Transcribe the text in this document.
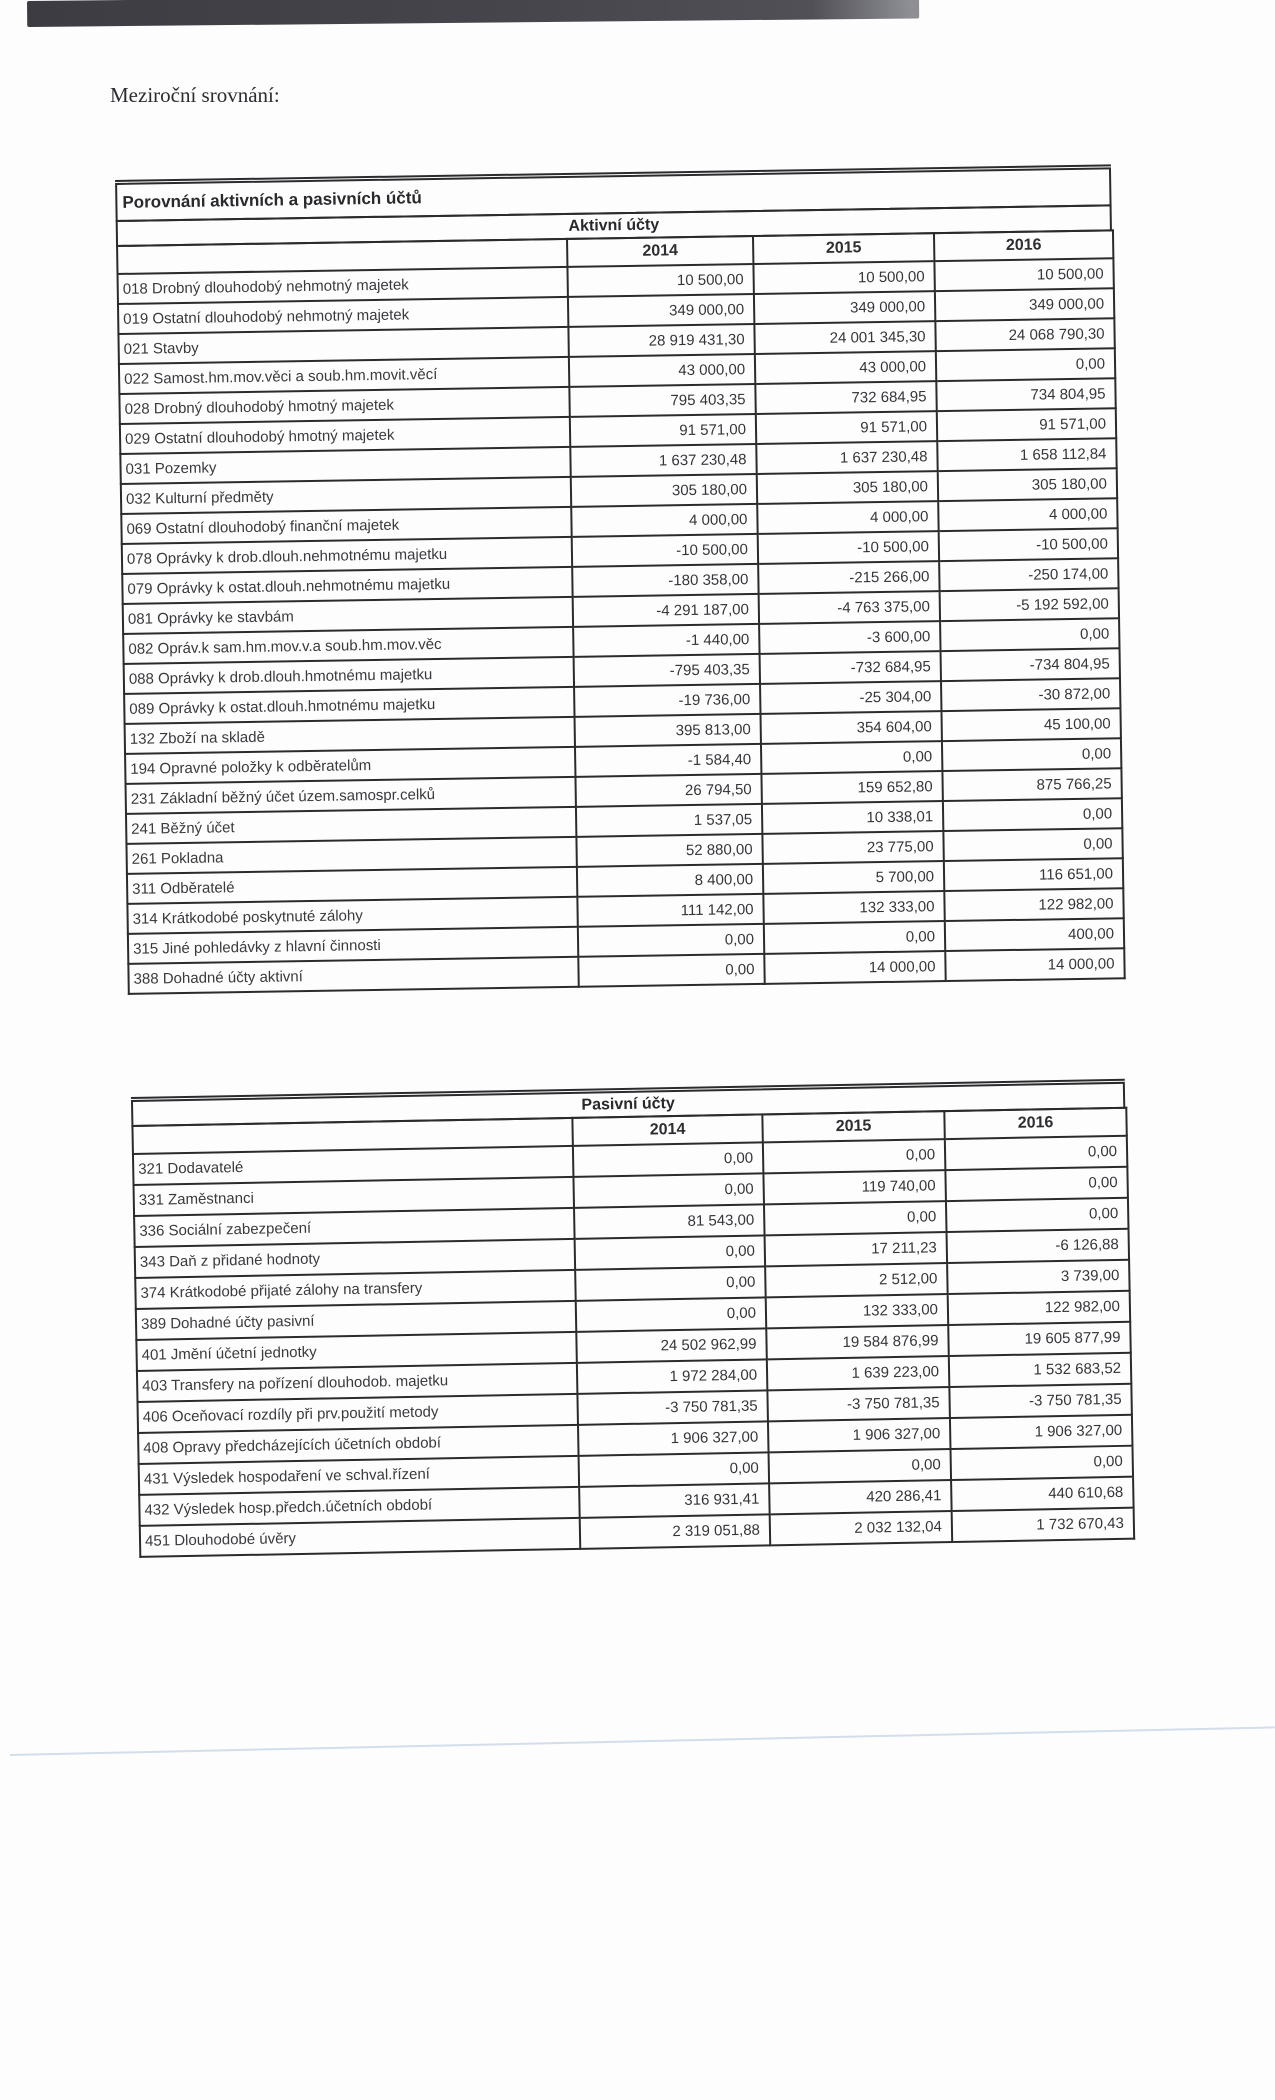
Meziroční srovnání:
Porovnání aktivních a pasivních účtů
Aktivní účty
	2014	2015	2016
018 Drobný dlouhodobý nehmotný majetek	10 500,00	10 500,00	10 500,00
019 Ostatní dlouhodobý nehmotný majetek	349 000,00	349 000,00	349 000,00
021 Stavby	28 919 431,30	24 001 345,30	24 068 790,30
022 Samost.hm.mov.věci a soub.hm.movit.věcí	43 000,00	43 000,00	0,00
028 Drobný dlouhodobý hmotný majetek	795 403,35	732 684,95	734 804,95
029 Ostatní dlouhodobý hmotný majetek	91 571,00	91 571,00	91 571,00
031 Pozemky	1 637 230,48	1 637 230,48	1 658 112,84
032 Kulturní předměty	305 180,00	305 180,00	305 180,00
069 Ostatní dlouhodobý finanční majetek	4 000,00	4 000,00	4 000,00
078 Oprávky k drob.dlouh.nehmotnému majetku	-10 500,00	-10 500,00	-10 500,00
079 Oprávky k ostat.dlouh.nehmotnému majetku	-180 358,00	-215 266,00	-250 174,00
081 Oprávky ke stavbám	-4 291 187,00	-4 763 375,00	-5 192 592,00
082 Opráv.k sam.hm.mov.v.a soub.hm.mov.věc	-1 440,00	-3 600,00	0,00
088 Oprávky k drob.dlouh.hmotnému majetku	-795 403,35	-732 684,95	-734 804,95
089 Oprávky k ostat.dlouh.hmotnému majetku	-19 736,00	-25 304,00	-30 872,00
132 Zboží na skladě	395 813,00	354 604,00	45 100,00
194 Opravné položky k odběratelům	-1 584,40	0,00	0,00
231 Základní běžný účet územ.samospr.celků	26 794,50	159 652,80	875 766,25
241 Běžný účet	1 537,05	10 338,01	0,00
261 Pokladna	52 880,00	23 775,00	0,00
311 Odběratelé	8 400,00	5 700,00	116 651,00
314 Krátkodobé poskytnuté zálohy	111 142,00	132 333,00	122 982,00
315 Jiné pohledávky z hlavní činnosti	0,00	0,00	400,00
388 Dohadné účty aktivní	0,00	14 000,00	14 000,00
Pasivní účty
	2014	2015	2016
321 Dodavatelé	0,00	0,00	0,00
331 Zaměstnanci	0,00	119 740,00	0,00
336 Sociální zabezpečení	81 543,00	0,00	0,00
343 Daň z přidané hodnoty	0,00	17 211,23	-6 126,88
374 Krátkodobé přijaté zálohy na transfery	0,00	2 512,00	3 739,00
389 Dohadné účty pasivní	0,00	132 333,00	122 982,00
401 Jmění účetní jednotky	24 502 962,99	19 584 876,99	19 605 877,99
403 Transfery na pořízení dlouhodob. majetku	1 972 284,00	1 639 223,00	1 532 683,52
406 Oceňovací rozdíly při prv.použití metody	-3 750 781,35	-3 750 781,35	-3 750 781,35
408 Opravy předcházejících účetních období	1 906 327,00	1 906 327,00	1 906 327,00
431 Výsledek hospodaření ve schval.řízení	0,00	0,00	0,00
432 Výsledek hosp.předch.účetních období	316 931,41	420 286,41	440 610,68
451 Dlouhodobé úvěry	2 319 051,88	2 032 132,04	1 732 670,43
